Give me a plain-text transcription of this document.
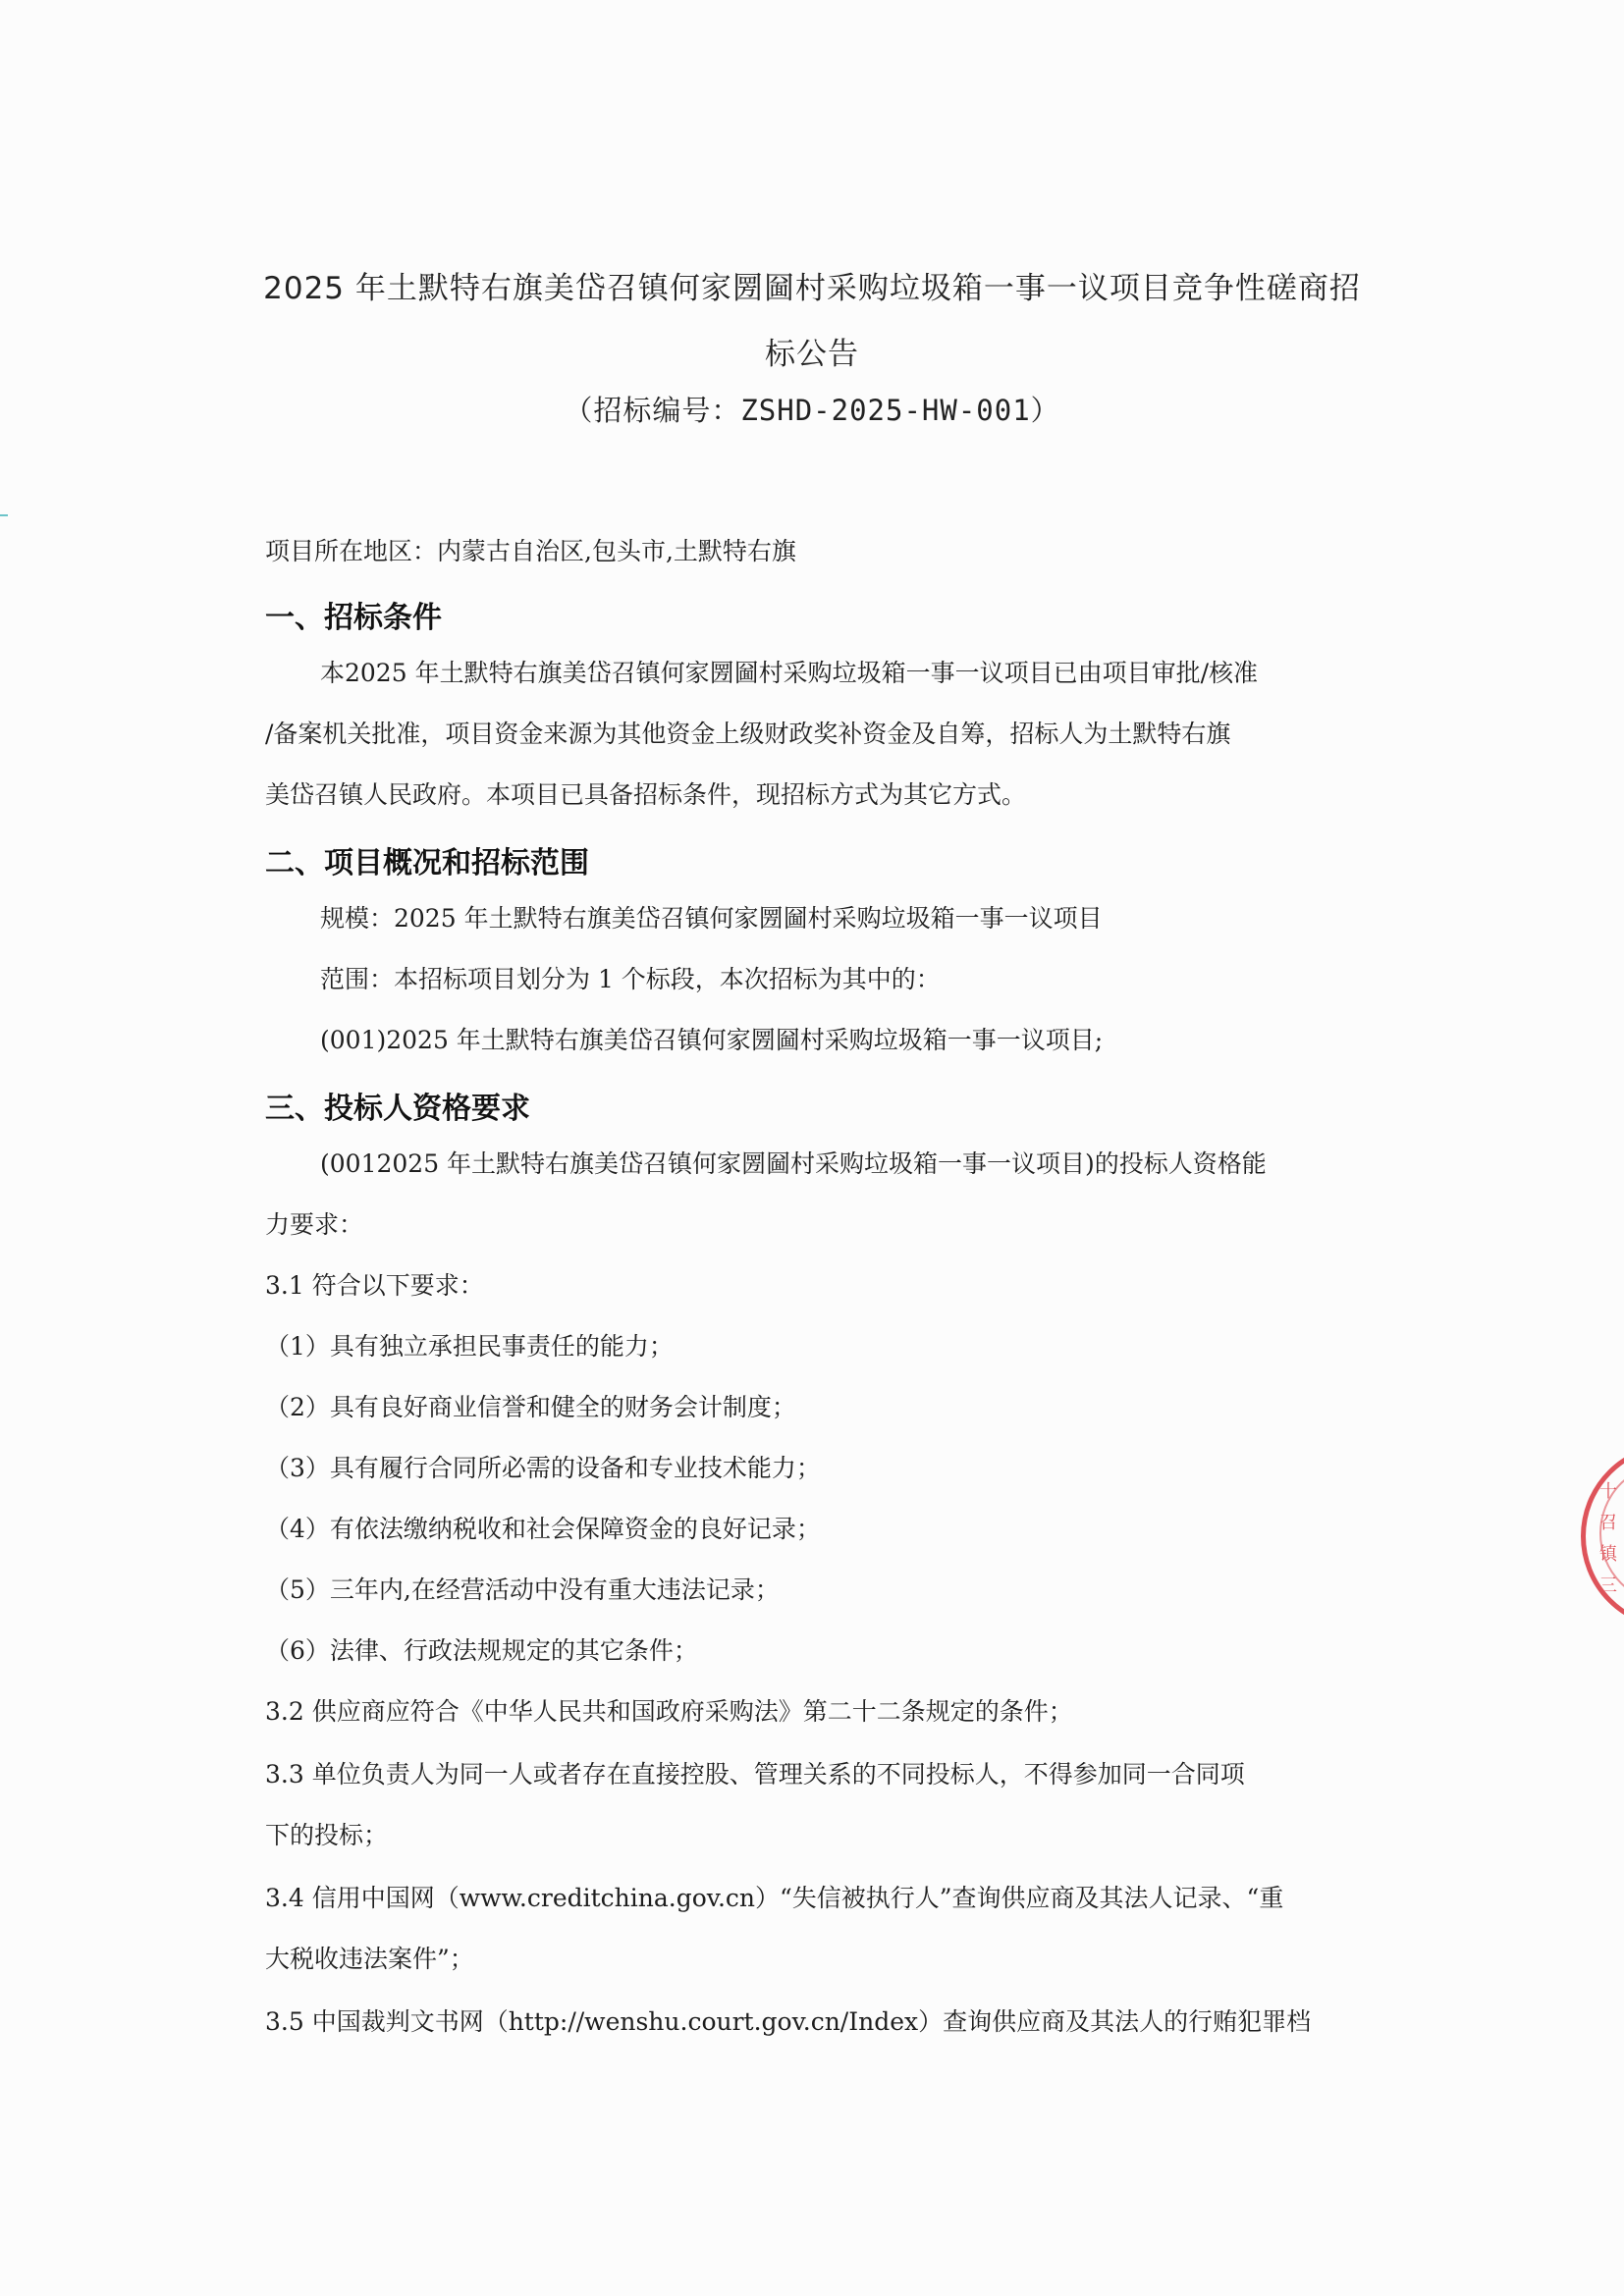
2025 年土默特右旗美岱召镇何家圐圙村采购垃圾箱一事一议项目竞争性磋商招
标公告
（招标编号：ZSHD-2025-HW-001）
项目所在地区：内蒙古自治区,包头市,土默特右旗
一、招标条件
本2025 年土默特右旗美岱召镇何家圐圙村采购垃圾箱一事一议项目已由项目审批/核准
/备案机关批准，项目资金来源为其他资金上级财政奖补资金及自筹，招标人为土默特右旗
美岱召镇人民政府。本项目已具备招标条件，现招标方式为其它方式。
二、项目概况和招标范围
规模：2025 年土默特右旗美岱召镇何家圐圙村采购垃圾箱一事一议项目
范围：本招标项目划分为 1 个标段，本次招标为其中的：
(001)2025 年土默特右旗美岱召镇何家圐圙村采购垃圾箱一事一议项目;
三、投标人资格要求
(0012025 年土默特右旗美岱召镇何家圐圙村采购垃圾箱一事一议项目)的投标人资格能
力要求：
3.1 符合以下要求：
（1）具有独立承担民事责任的能力；
（2）具有良好商业信誉和健全的财务会计制度；
（3）具有履行合同所必需的设备和专业技术能力；
（4）有依法缴纳税收和社会保障资金的良好记录；
（5）三年内,在经营活动中没有重大违法记录；
（6）法律、行政法规规定的其它条件；
3.2 供应商应符合《中华人民共和国政府采购法》第二十二条规定的条件；
3.3 单位负责人为同一人或者存在直接控股、管理关系的不同投标人，不得参加同一合同项
下的投标；
3.4 信用中国网（www.creditchina.gov.cn）“失信被执行人”查询供应商及其法人记录、“重
大税收违法案件”；
3.5 中国裁判文书网（http://wenshu.court.gov.cn/Index）查询供应商及其法人的行贿犯罪档
十
召
镇
三
